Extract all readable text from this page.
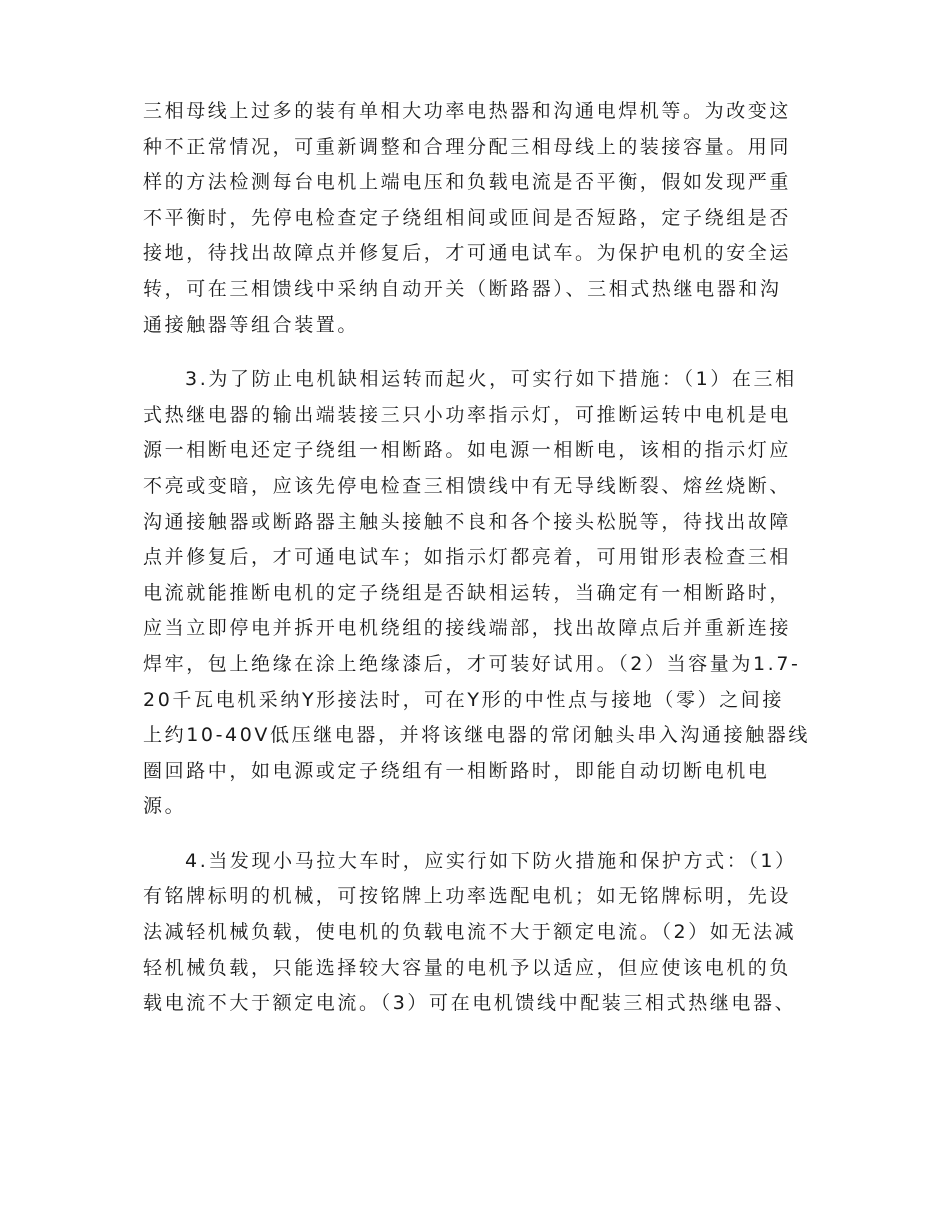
三相母线上过多的装有单相大功率电热器和沟通电焊机等。为改变这
种不正常情况，可重新调整和合理分配三相母线上的装接容量。用同
样的方法检测每台电机上端电压和负载电流是否平衡，假如发现严重
不平衡时，先停电检查定子绕组相间或匝间是否短路，定子绕组是否
接地，待找出故障点并修复后，才可通电试车。为保护电机的安全运
转，可在三相馈线中采纳自动开关（断路器）、三相式热继电器和沟
通接触器等组合装置。

3.为了防止电机缺相运转而起火，可实行如下措施：（1）在三相
式热继电器的输出端装接三只小功率指示灯，可推断运转中电机是电
源一相断电还定子绕组一相断路。如电源一相断电，该相的指示灯应
不亮或变暗，应该先停电检查三相馈线中有无导线断裂、熔丝烧断、
沟通接触器或断路器主触头接触不良和各个接头松脱等，待找出故障
点并修复后，才可通电试车；如指示灯都亮着，可用钳形表检查三相
电流就能推断电机的定子绕组是否缺相运转，当确定有一相断路时，
应当立即停电并拆开电机绕组的接线端部，找出故障点后并重新连接
焊牢，包上绝缘在涂上绝缘漆后，才可装好试用。（2）当容量为1.7-
20千瓦电机采纳Y形接法时，可在Y形的中性点与接地（零）之间接
上约10-40V低压继电器，并将该继电器的常闭触头串入沟通接触器线
圈回路中，如电源或定子绕组有一相断路时，即能自动切断电机电
源。

4.当发现小马拉大车时，应实行如下防火措施和保护方式：（1）
有铭牌标明的机械，可按铭牌上功率选配电机；如无铭牌标明，先设
法减轻机械负载，使电机的负载电流不大于额定电流。（2）如无法减
轻机械负载，只能选择较大容量的电机予以适应，但应使该电机的负
载电流不大于额定电流。（3）可在电机馈线中配装三相式热继电器、
